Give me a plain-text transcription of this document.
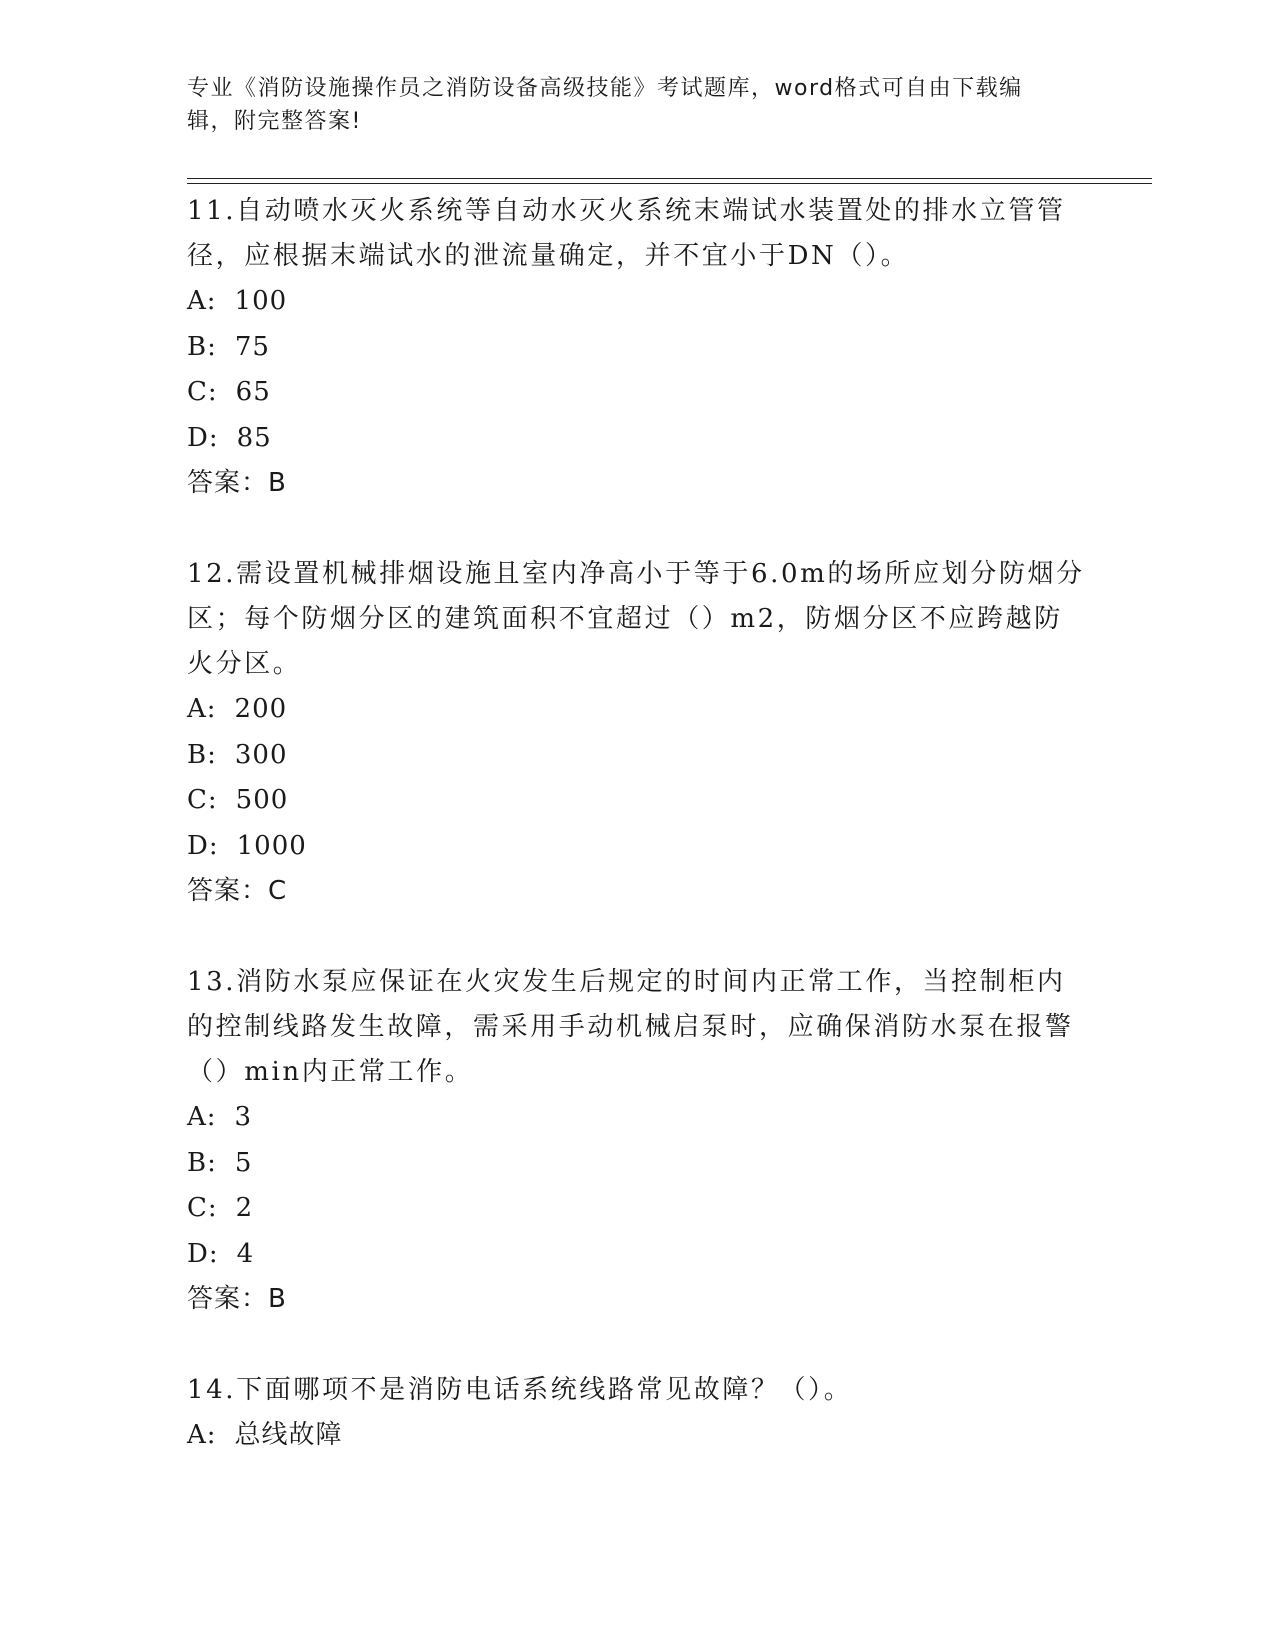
专业《消防设施操作员之消防设备高级技能》考试题库，word格式可自由下载编辑，附完整答案!

11.自动喷水灭火系统等自动水灭火系统末端试水装置处的排水立管管径，应根据末端试水的泄流量确定，并不宜小于DN（）。

A: 100

B: 75

C: 65

D: 85

答案：B

12.需设置机械排烟设施且室内净高小于等于6.0m的场所应划分防烟分区；每个防烟分区的建筑面积不宜超过（）m2，防烟分区不应跨越防火分区。

A: 200

B: 300

C: 500

D: 1000

答案：C

13.消防水泵应保证在火灾发生后规定的时间内正常工作，当控制柜内的控制线路发生故障，需采用手动机械启泵时，应确保消防水泵在报警（）min内正常工作。

A: 3

B: 5

C: 2

D: 4

答案：B

14.下面哪项不是消防电话系统线路常见故障？（）。

A: 总线故障
